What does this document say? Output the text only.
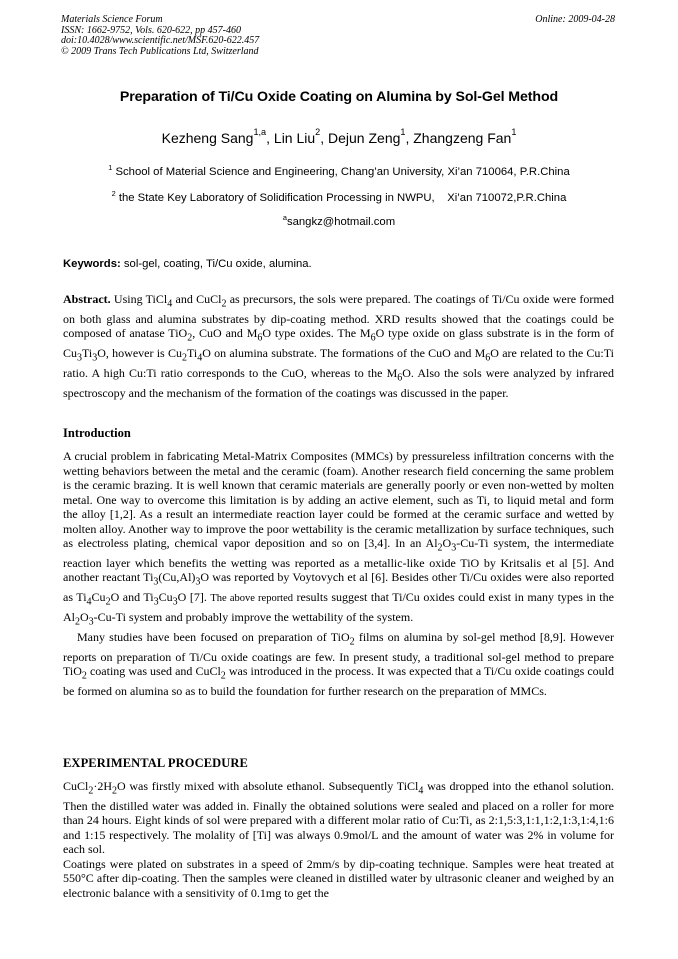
Materials Science Forum
ISSN: 1662-9752, Vols. 620-622, pp 457-460
doi:10.4028/www.scientific.net/MSF.620-622.457
© 2009 Trans Tech Publications Ltd, Switzerland
Online: 2009-04-28
Preparation of Ti/Cu Oxide Coating on Alumina by Sol-Gel Method
Kezheng Sang$^{1,a}$, Lin Liu$^2$, Dejun Zeng$^1$, Zhangzeng Fan$^1$
$^1$ School of Material Science and Engineering, Chang’an University, Xi’an 710064, P.R.China
$^2$ the State Key Laboratory of Solidification Processing in NWPU,    Xi’an 710072,P.R.China
$^a$sangkz@hotmail.com
Keywords: sol-gel, coating, Ti/Cu oxide, alumina.

Abstract. Using TiCl$_4$ and CuCl$_2$ as precursors, the sols were prepared. The coatings of Ti/Cu oxide were formed on both glass and alumina substrates by dip-coating method. XRD results showed that the coatings could be composed of anatase TiO$_2$, CuO and $M_6O$ type oxides. The $M_6O$ type oxide on glass substrate is in the form of $Cu_3Ti_3O$, however is $Cu_2Ti_4O$ on alumina substrate. The formations of the CuO and $M_6O$ are related to the Cu:Ti ratio. A high Cu:Ti ratio corresponds to the CuO, whereas to the $M_6O$. Also the sols were analyzed by infrared spectroscopy and the mechanism of the formation of the coatings was discussed in the paper.

Introduction

A crucial problem in fabricating Metal-Matrix Composites (MMCs) by pressureless infiltration concerns with the wetting behaviors between the metal and the ceramic (foam). Another research field concerning the same problem is the ceramic brazing. It is well known that ceramic materials are generally poorly or even non-wetted by molten metal. One way to overcome this limitation is by adding an active element, such as Ti, to liquid metal and form the alloy [1,2]. As a result an intermediate reaction layer could be formed at the ceramic surface and wetted by molten alloy. Another way to improve the poor wettability is the ceramic metallization by surface techniques, such as electroless plating, chemical vapor deposition and so on [3,4]. In an $Al_2O_3-Cu-Ti$ system, the intermediate reaction layer which benefits the wetting was reported as a metallic-like oxide TiO by Kritsalis et al [5]. And another reactant $Ti_3(Cu,Al)_3O$ was reported by Voytovych et al [6]. Besides other Ti/Cu oxides were also reported as $Ti_4Cu_2O$ and $Ti_3Cu_3O$ [7]. The above reported results suggest that Ti/Cu oxides could exist in many types in the $Al_2O_3-Cu-Ti$ system and probably improve the wettability of the system.

Many studies have been focused on preparation of TiO$_2$ films on alumina by sol-gel method [8,9]. However reports on preparation of Ti/Cu oxide coatings are few. In present study, a traditional sol-gel method to prepare TiO$_2$ coating was used and CuCl$_2$ was introduced in the process. It was expected that a Ti/Cu oxide coatings could be formed on alumina so as to build the foundation for further research on the preparation of MMCs.

EXPERIMENTAL PROCEDURE

$CuCl_2\cdot 2H_2O$ was firstly mixed with absolute ethanol. Subsequently TiCl$_4$ was dropped into the ethanol solution. Then the distilled water was added in. Finally the obtained solutions were sealed and placed on a roller for more than 24 hours. Eight kinds of sol were prepared with a different molar ratio of Cu:Ti, as 2:1,5:3,1:1,1:2,1:3,1:4,1:6 and 1:15 respectively. The molality of [Ti] was always 0.9mol/L and the amount of water was 2% in volume for each sol.

Coatings were plated on substrates in a speed of 2mm/s by dip-coating technique. Samples were heat treated at 550°C after dip-coating. Then the samples were cleaned in distilled water by ultrasonic cleaner and weighed by an electronic balance with a sensitivity of 0.1mg to get the
